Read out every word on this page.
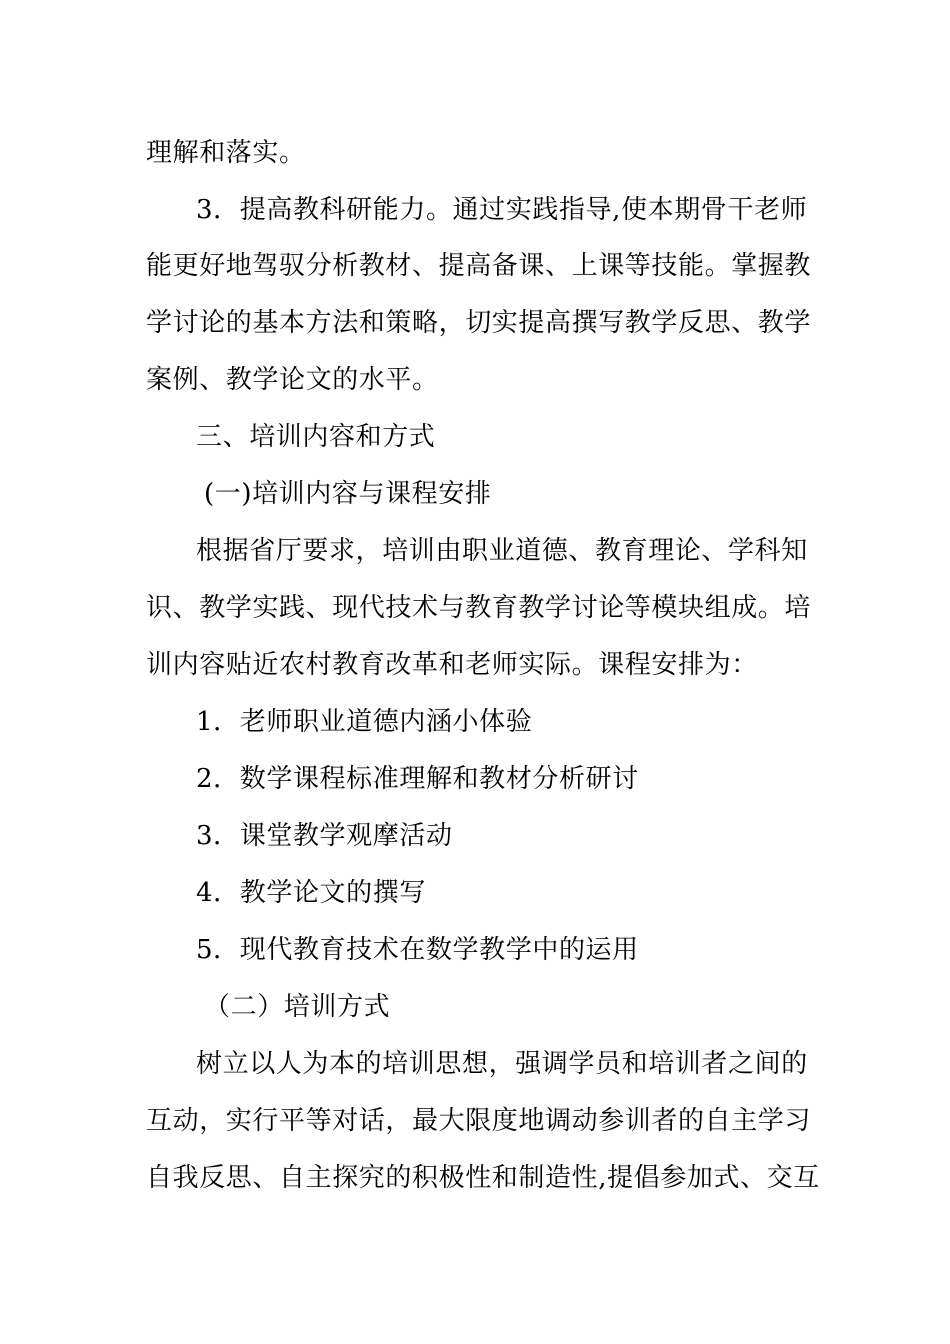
理解和落实。
3．提高教科研能力。通过实践指导,使本期骨干老师
能更好地驾驭分析教材、提高备课、上课等技能。掌握教
学讨论的基本方法和策略，切实提高撰写教学反思、教学
案例、教学论文的水平。
三、培训内容和方式
(一)培训内容与课程安排
根据省厅要求，培训由职业道德、教育理论、学科知
识、教学实践、现代技术与教育教学讨论等模块组成。培
训内容贴近农村教育改革和老师实际。课程安排为：
1．老师职业道德内涵小体验
2．数学课程标准理解和教材分析研讨
3．课堂教学观摩活动
4．教学论文的撰写
5．现代教育技术在数学教学中的运用
（二）培训方式
树立以人为本的培训思想，强调学员和培训者之间的
互动，实行平等对话，最大限度地调动参训者的自主学习
自我反思、自主探究的积极性和制造性,提倡参加式、交互
